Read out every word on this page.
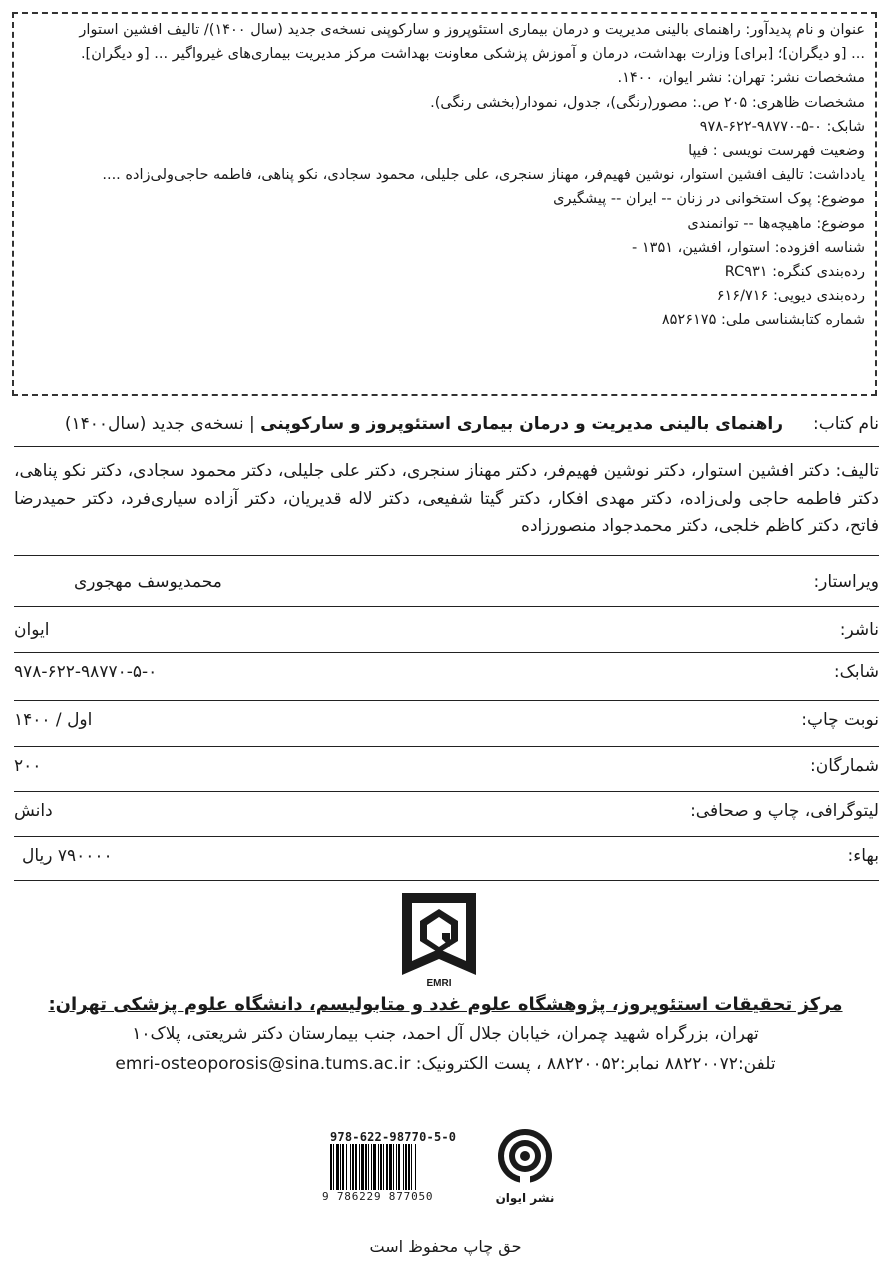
عنوان و نام پدیدآور: راهنمای بالینی مدیریت و درمان بیماری استئوپروز و سارکوپنی نسخه‌ی جدید (سال ۱۴۰۰)/ تالیف افشین استوار
... [و دیگران]؛ [برای] وزارت بهداشت، درمان و آموزش پزشکی معاونت بهداشت مرکز مدیریت بیماری‌های غیرواگیر ... [و دیگران].
مشخصات نشر: تهران: نشر ایوان، ۱۴۰۰.
مشخصات ظاهری: ۲۰۵ ص.: مصور(رنگی)، جدول، نمودار(بخشی رنگی).
شابک: ۰-۵-۹۸۷۷۰-۶۲۲-۹۷۸
وضعیت فهرست نویسی : فیپا
یادداشت: تالیف افشین استوار، نوشین فهیم‌فر، مهناز سنجری، علی جلیلی، محمود سجادی، نکو پناهی، فاطمه حاجی‌ولی‌زاده ....
موضوع: پوک استخوانی در زنان -- ایران -- پیشگیری
موضوع: ماهیچه‌ها -- توانمندی
شناسه افزوده: استوار، افشین، ۱۳۵۱ -
رده‌بندی کنگره: RC۹۳۱
رده‌بندی دیویی: ۶۱۶/۷۱۶
شماره کتابشناسی ملی: ۸۵۲۶۱۷۵
نام کتاب:راهنمای بالینی مدیریت و درمان بیماری استئوپروز و سارکوپنی | نسخه‌ی جدید (سال۱۴۰۰)
تالیف: دکتر افشین استوار، دکتر نوشین فهیم‌فر، دکتر مهناز سنجری، دکتر علی جلیلی، دکتر محمود سجادی، دکتر نکو پناهی، دکتر فاطمه حاجی ولی‌زاده، دکتر مهدی افکار، دکتر گیتا شفیعی، دکتر لاله قدیریان، دکتر آزاده سیاری‌فرد، دکتر حمیدرضا فاتح، دکتر کاظم خلجی، دکتر محمدجواد منصورزاده
ویراستار:
محمدیوسف مهجوری
ناشر:
ایوان
شابک:
۹۷۸-۶۲۲-۹۸۷۷۰-۵-۰
نوبت چاپ:
اول / ۱۴۰۰
شمارگان:
۲۰۰
لیتوگرافی، چاپ و صحافی:
دانش
بهاء:
۷۹۰۰۰۰ ریال
EMRI
مرکز تحقیقات استئوپروز، پژوهشگاه علوم غدد و متابولیسم، دانشگاه علوم پزشکی تهران:
تهران، بزرگراه شهید چمران، خیابان جلال آل احمد، جنب بیمارستان دکتر شریعتی، پلاک۱۰
تلفن:۸۸۲۲۰۰۷۲ نمابر:۸۸۲۲۰۰۵۲ ، پست الکترونیک: emri-osteoporosis@sina.tums.ac.ir
978-622-98770-5-0
9 786229 877050	نشر ایوان
حق چاپ محفوظ است
